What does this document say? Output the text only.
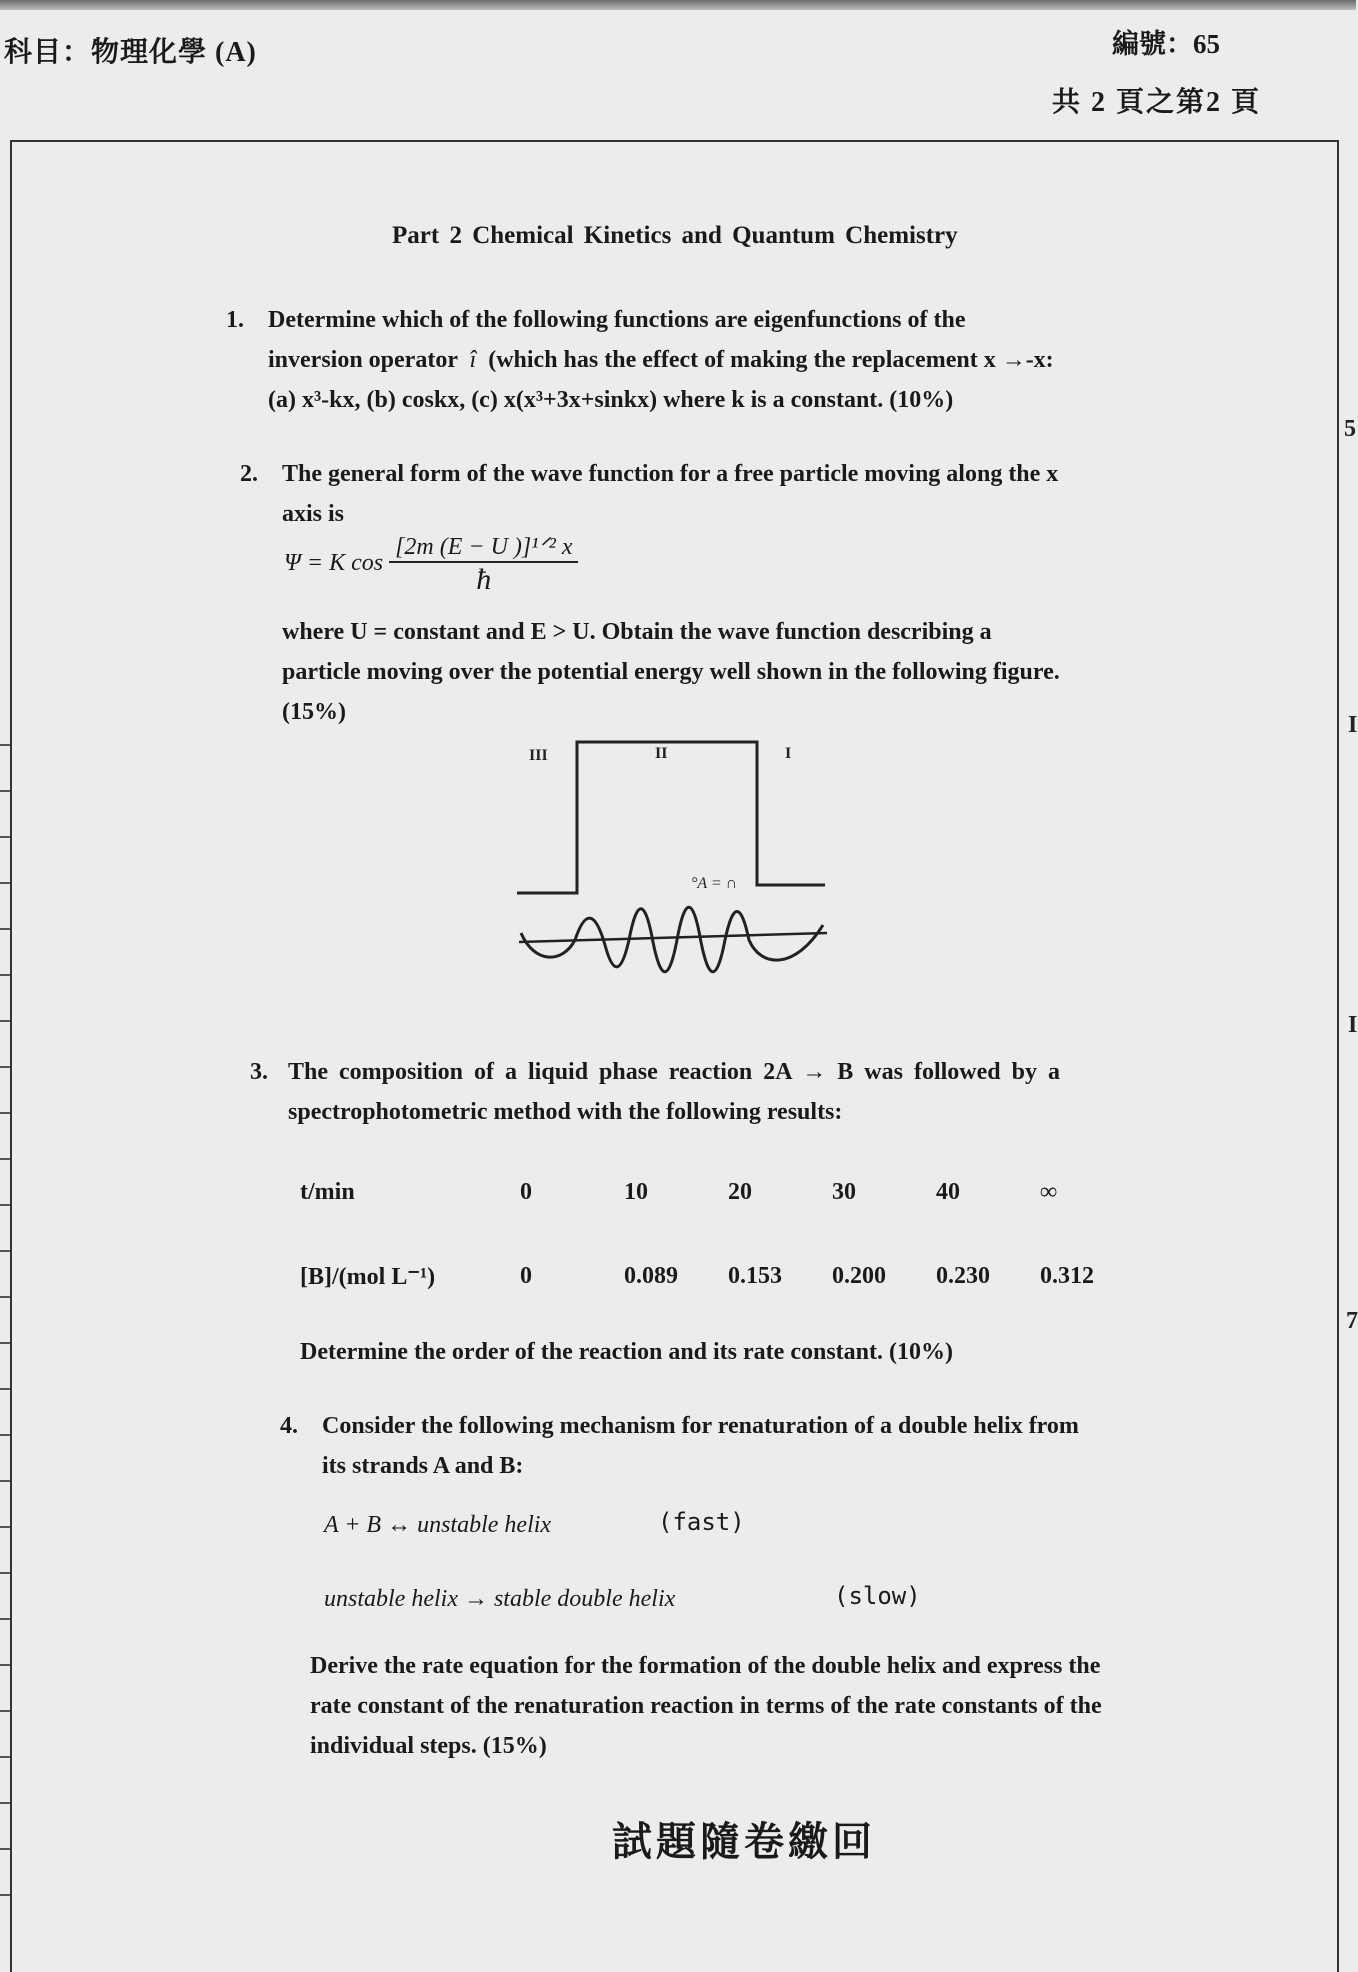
科目：物理化學 (A)	編號：65
共 2 頁之第2 頁
5
I
I
7
Part 2 Chemical Kinetics and Quantum Chemistry
1. Determine which of the following functions are eigenfunctions of the
inversion operator î (which has the effect of making the replacement x →-x:
(a) x³-kx, (b) coskx, (c) x(x³+3x+sinkx) where k is a constant. (10%)
2. The general form of the wave function for a free particle moving along the x
axis is
Ψ = K $\cos \frac{\text{[2m (E − U )]¹ᐟ² x}}{ħ}$
where U = constant and E > U. Obtain the wave function describing a
particle moving over the potential energy well shown in the following figure.
(15%)
III	II	I
°A = ∩
3. The composition of a liquid phase reaction 2A → B was followed by a
spectrophotometric method with the following results:
t/min	0	10	20	30	40	∞
[B]/(mol L⁻¹)	0	0.089	0.153	0.200	0.230	0.312
Determine the order of the reaction and its rate constant. (10%)
4. Consider the following mechanism for renaturation of a double helix from
its strands A and B:
A + B ↔ unstable helix	(fast)
unstable helix → stable double helix	(slow)
Derive the rate equation for the formation of the double helix and express the
rate constant of the renaturation reaction in terms of the rate constants of the
individual steps. (15%)
試題隨卷繳回
